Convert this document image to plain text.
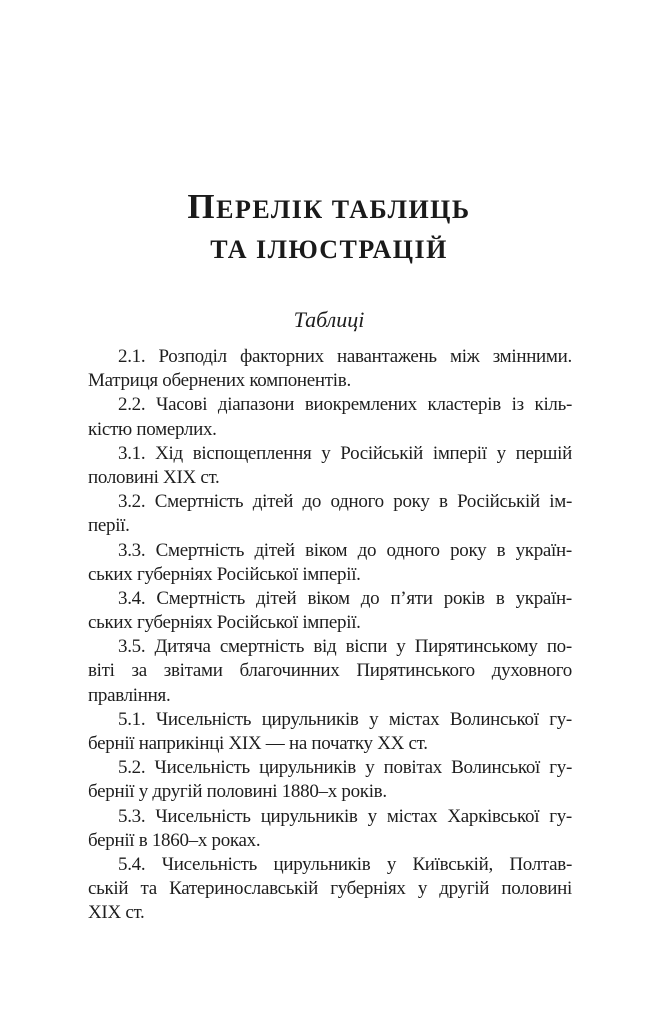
ПЕРЕЛІК ТАБЛИЦЬ
ТА ІЛЮСТРАЦІЙ
Таблиці
2.1. Розподіл факторних навантажень між змінними.
Матриця обернених компонентів.
2.2. Часові діапазони виокремлених кластерів із кіль-
кістю померлих.
3.1. Хід віспощеплення у Російській імперії у першій
половині XIX ст.
3.2. Смертність дітей до одного року в Російській ім-
перії.
3.3. Смертність дітей віком до одного року в україн-
ських губерніях Російської імперії.
3.4. Смертність дітей віком до п’яти років в україн-
ських губерніях Російської імперії.
3.5. Дитяча смертність від віспи у Пирятинському по-
віті за звітами благочинних Пирятинського духовного
правління.
5.1. Чисельність цирульників у містах Волинської гу-
бернії наприкінці XIX — на початку XX ст.
5.2. Чисельність цирульників у повітах Волинської гу-
бернії у другій половині 1880–х років.
5.3. Чисельність цирульників у містах Харківської гу-
бернії в 1860–х роках.
5.4. Чисельність цирульників у Київській, Полтав-
ській та Катеринославській губерніях у другій половині
XIX ст.
